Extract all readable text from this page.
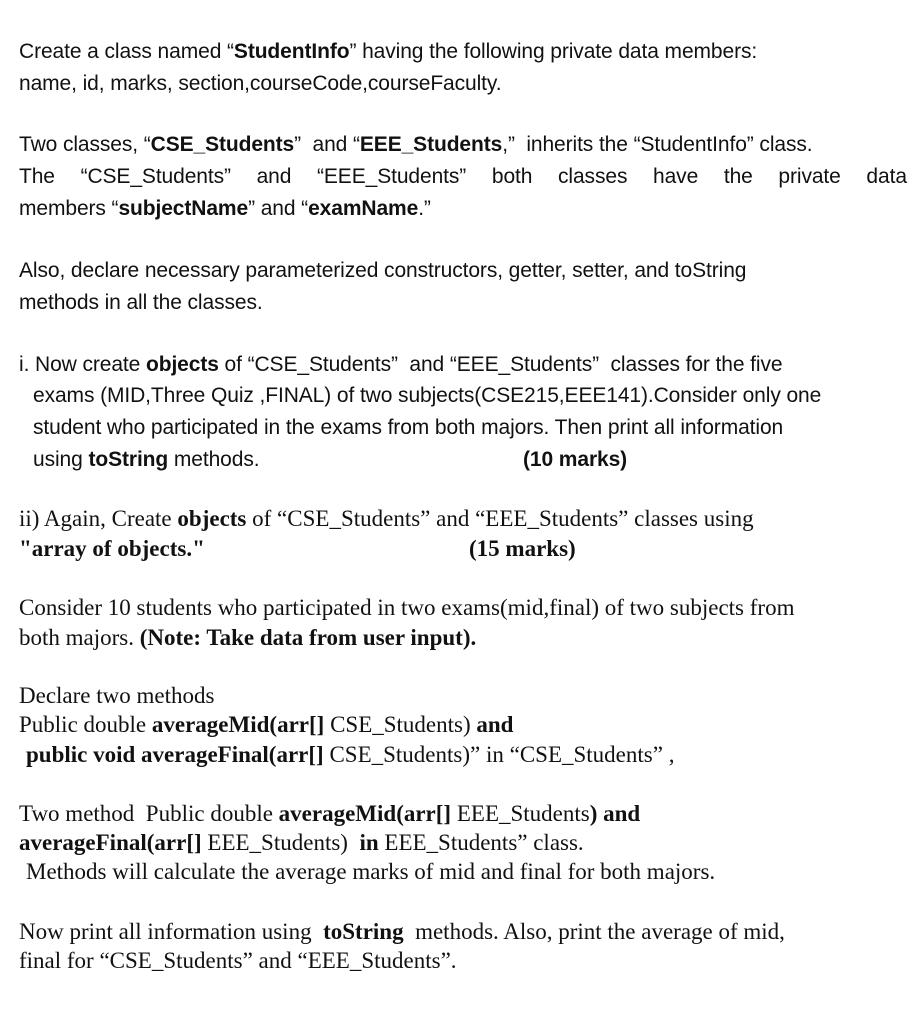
Create a class named “StudentInfo” having the following private data members:
name, id, marks, section,courseCode,courseFaculty.
Two classes, “CSE_Students”  and “EEE_Students,”  inherits the “StudentInfo” class.
The “CSE_Students” and “EEE_Students” both classes have the private data
members “subjectName” and “examName.”
Also, declare necessary parameterized constructors, getter, setter, and toString
methods in all the classes.
i. Now create objects of “CSE_Students”  and “EEE_Students”  classes for the five
exams (MID,Three Quiz ,FINAL) of two subjects(CSE215,EEE141).Consider only one
student who participated in the exams from both majors. Then print all information
using toString methods.	(10 marks)
ii) Again, Create objects of “CSE_Students” and “EEE_Students” classes using
"array of objects."	(15 marks)
Consider 10 students who participated in two exams(mid,final) of two subjects from
both majors. (Note: Take data from user input).
Declare two methods
Public double averageMid(arr[] CSE_Students) and
public void averageFinal(arr[] CSE_Students)” in “CSE_Students” ,
Two method  Public double averageMid(arr[] EEE_Students) and
averageFinal(arr[] EEE_Students)  in EEE_Students” class.
Methods will calculate the average marks of mid and final for both majors.
Now print all information using  toString  methods. Also, print the average of mid,
final for “CSE_Students” and “EEE_Students”.
